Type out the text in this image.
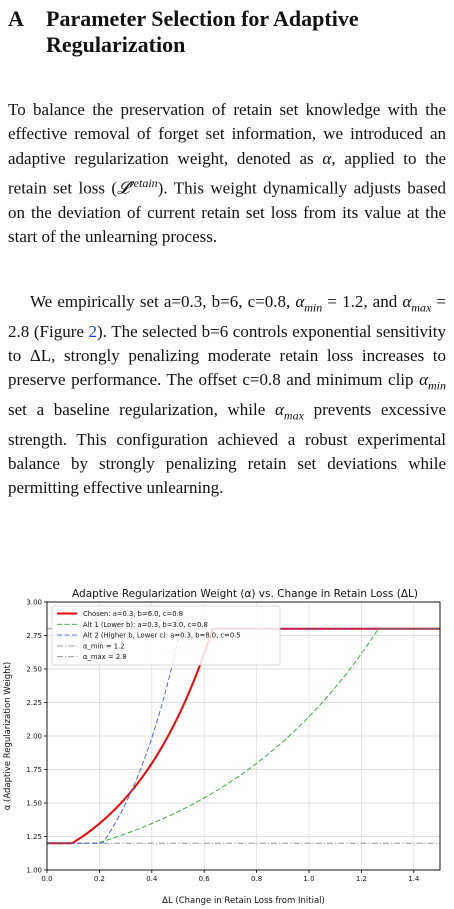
A	Parameter Selection for Adaptive Regularization

To balance the preservation of retain set knowledge with the effective removal of forget set information, we introduced an adaptive regularization weight, denoted as α, applied to the retain set loss (𝓛$^{retain}$). This weight dynamically adjusts based on the deviation of current retain set loss from its value at the start of the unlearning process.

We empirically set a=0.3, b=6, c=0.8, $\alpha_{min} = 1.2$, and $\alpha_{max} = 2.8$ (Figure 2). The selected b=6 controls exponential sensitivity to ΔL, strongly penalizing moderate retain loss increases to preserve performance. The offset c=0.8 and minimum clip $\alpha_{min}$ set a baseline regularization, while $\alpha_{max}$ prevents excessive strength. This configuration achieved a robust experimental balance by strongly penalizing retain set deviations while permitting effective unlearning.

Adaptive Regularization Weight (α) vs. Change in Retain Loss (ΔL)
0.0	0.2	0.4	0.6	0.8	1.0	1.2	1.4
1.00
1.25
1.50
1.75
2.00
2.25
2.50
2.75
3.00
ΔL (Change in Retain Loss from Initial)
α (Adaptive Regularization Weight)
Chosen: a=0.3, b=6.0, c=0.8
Alt 1 (Lower b): a=0.3, b=3.0, c=0.8
Alt 2 (Higher b, Lower c): a=0.3, b=8.0, c=0.5
α_min = 1.2
α_max = 2.8
